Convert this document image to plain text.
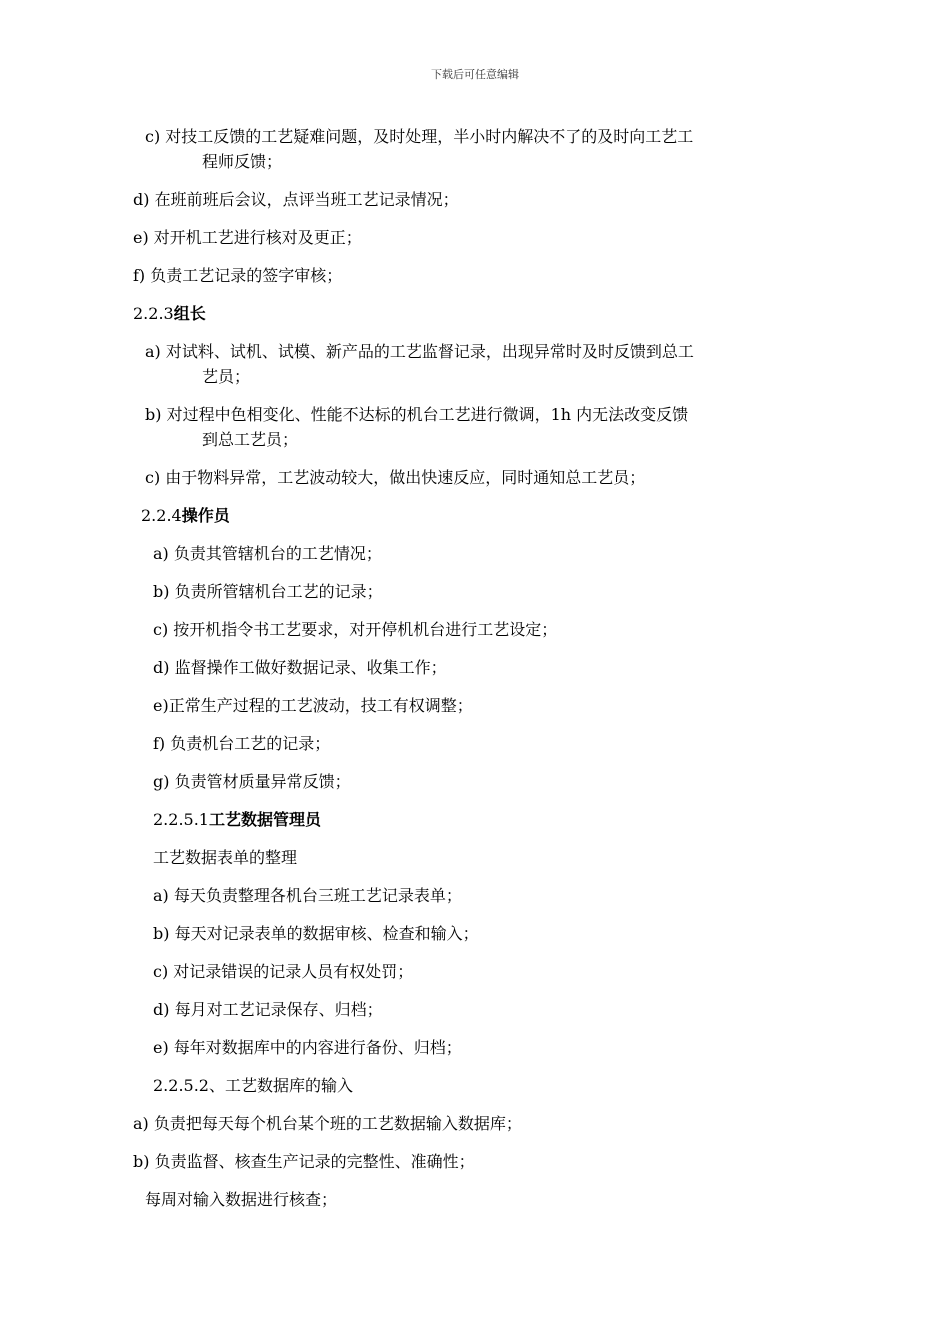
下载后可任意编辑
c) 对技工反馈的工艺疑难问题，及时处理，半小时内解决不了的及时向工艺工
程师反馈；
d) 在班前班后会议，点评当班工艺记录情况；
e) 对开机工艺进行核对及更正；
f) 负责工艺记录的签字审核；
2.2.3组长
a) 对试料、试机、试模、新产品的工艺监督记录，出现异常时及时反馈到总工
艺员；
b) 对过程中色相变化、性能不达标的机台工艺进行微调，1h 内无法改变反馈
到总工艺员；
c) 由于物料异常，工艺波动较大，做出快速反应，同时通知总工艺员；
2.2.4操作员
a) 负责其管辖机台的工艺情况；
b) 负责所管辖机台工艺的记录；
c) 按开机指令书工艺要求，对开停机机台进行工艺设定；
d) 监督操作工做好数据记录、收集工作；
e)正常生产过程的工艺波动，技工有权调整；
f) 负责机台工艺的记录；
g) 负责管材质量异常反馈；
2.2.5.1工艺数据管理员
工艺数据表单的整理
a) 每天负责整理各机台三班工艺记录表单；
b) 每天对记录表单的数据审核、检查和输入；
c) 对记录错误的记录人员有权处罚；
d) 每月对工艺记录保存、归档；
e) 每年对数据库中的内容进行备份、归档；
2.2.5.2、工艺数据库的输入
a) 负责把每天每个机台某个班的工艺数据输入数据库；
b) 负责监督、核查生产记录的完整性、准确性；
每周对输入数据进行核查；
